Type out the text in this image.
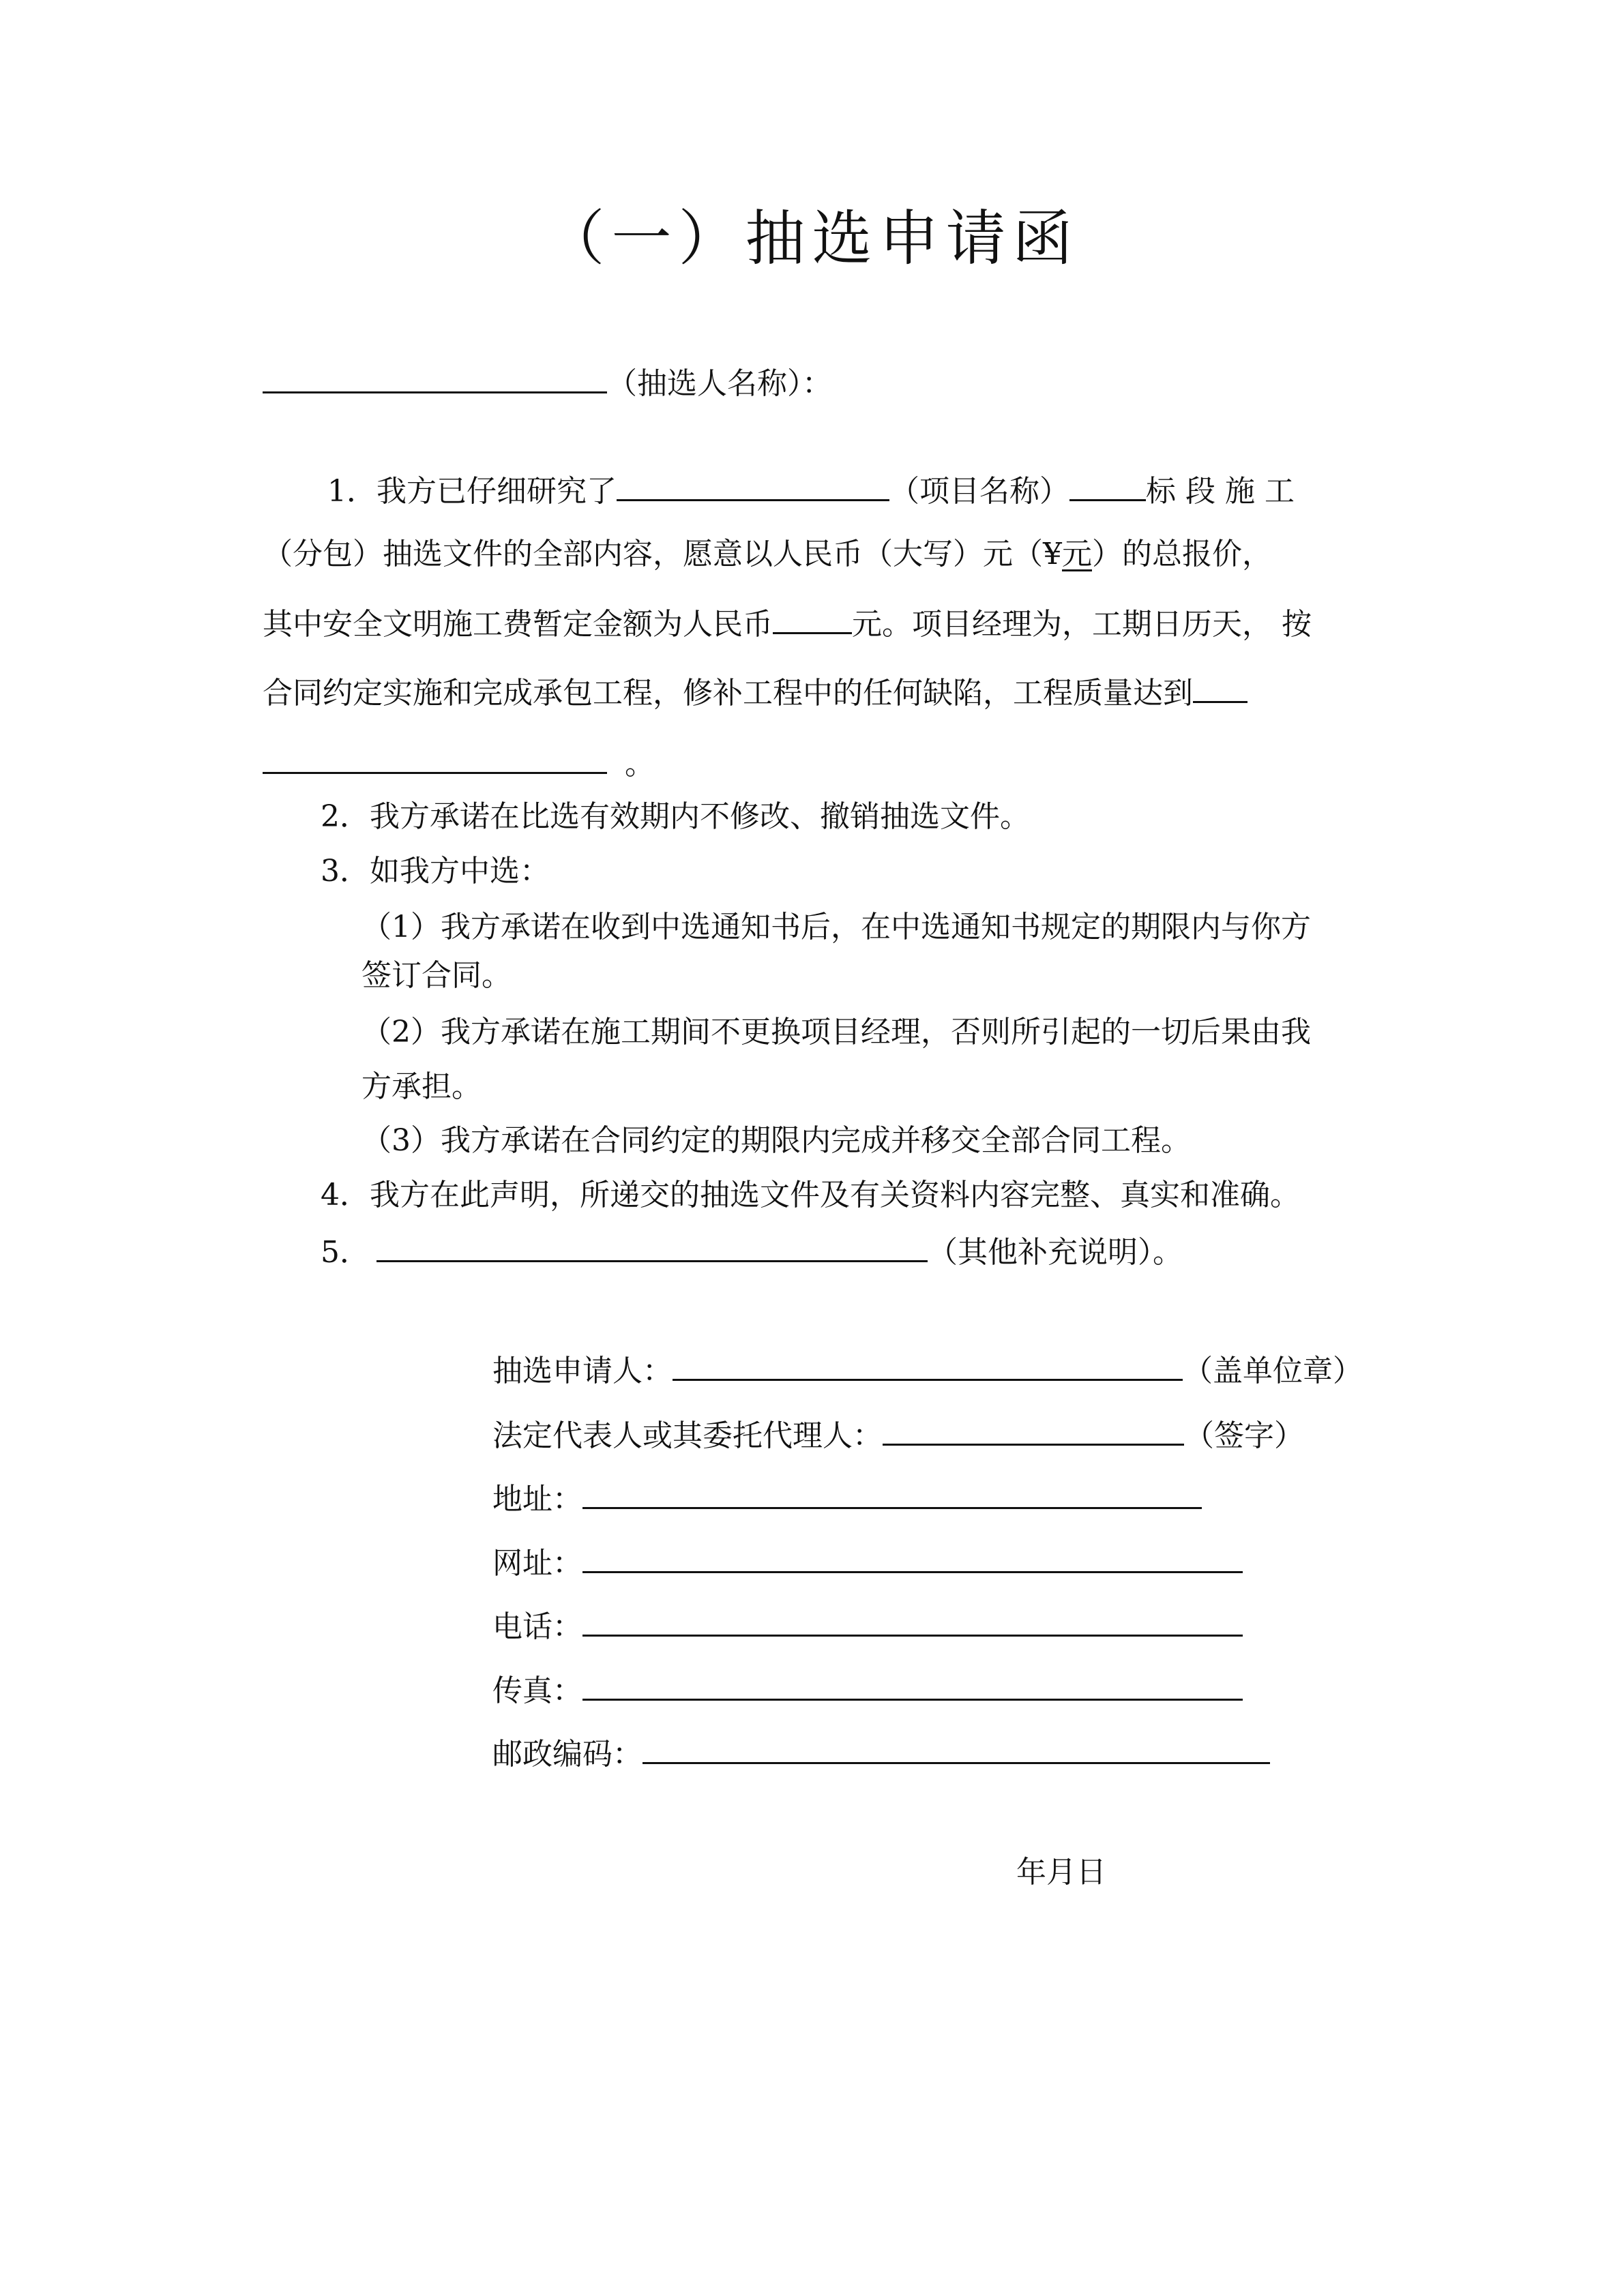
（一）抽选申请函
（抽选人名称）：
1．我方已仔细研究了	（项目名称）	标 段 施 工
（分包）抽选文件的全部内容，愿意以人民币（大写）元（¥元）的总报价，
其中安全文明施工费暂定金额为人民币	元。项目经理为，工期日历天， 按
合同约定实施和完成承包工程，修补工程中的任何缺陷，工程质量达到
。
2．我方承诺在比选有效期内不修改、撤销抽选文件。
3．如我方中选：
（1）我方承诺在收到中选通知书后，在中选通知书规定的期限内与你方
签订合同。
（2）我方承诺在施工期间不更换项目经理，否则所引起的一切后果由我
方承担。
（3）我方承诺在合同约定的期限内完成并移交全部合同工程。
4．我方在此声明，所递交的抽选文件及有关资料内容完整、真实和准确。
5．	（其他补充说明）。
抽选申请人：	（盖单位章）
法定代表人或其委托代理人：	（签字）
地址：
网址：
电话：
传真：
邮政编码：
年月日
